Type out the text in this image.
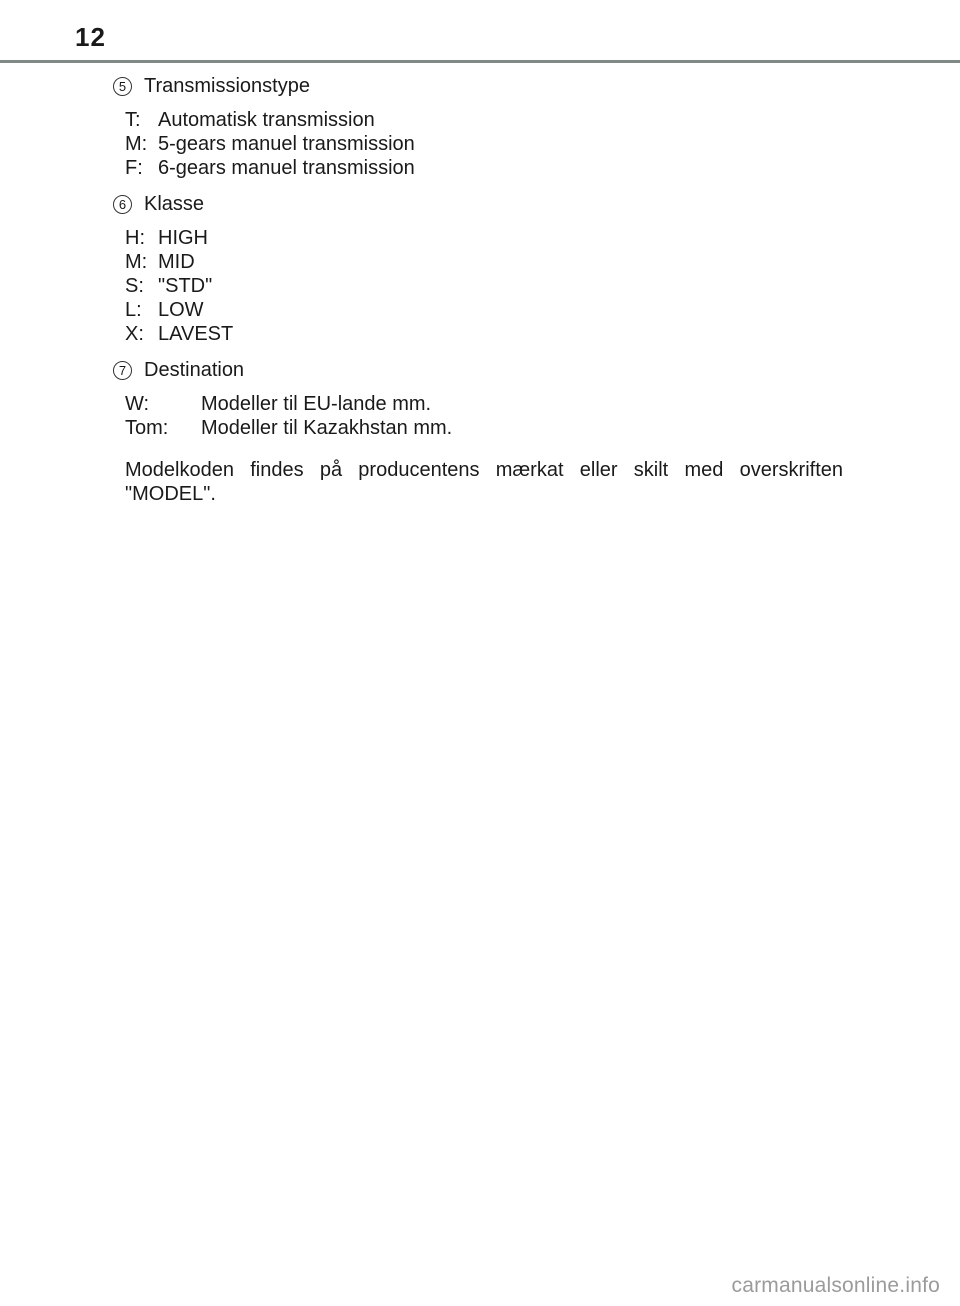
12
5 Transmissionstype
T: Automatisk transmission
M: 5-gears manuel transmission
F: 6-gears manuel transmission
6 Klasse
H: HIGH
M: MID
S: "STD"
L: LOW
X: LAVEST
7 Destination
W:	Modeller til EU-lande mm.
Tom:	Modeller til Kazakhstan mm.
Modelkoden findes på producentens mærkat eller skilt med overskriften "MODEL".
carmanualsonline.info
